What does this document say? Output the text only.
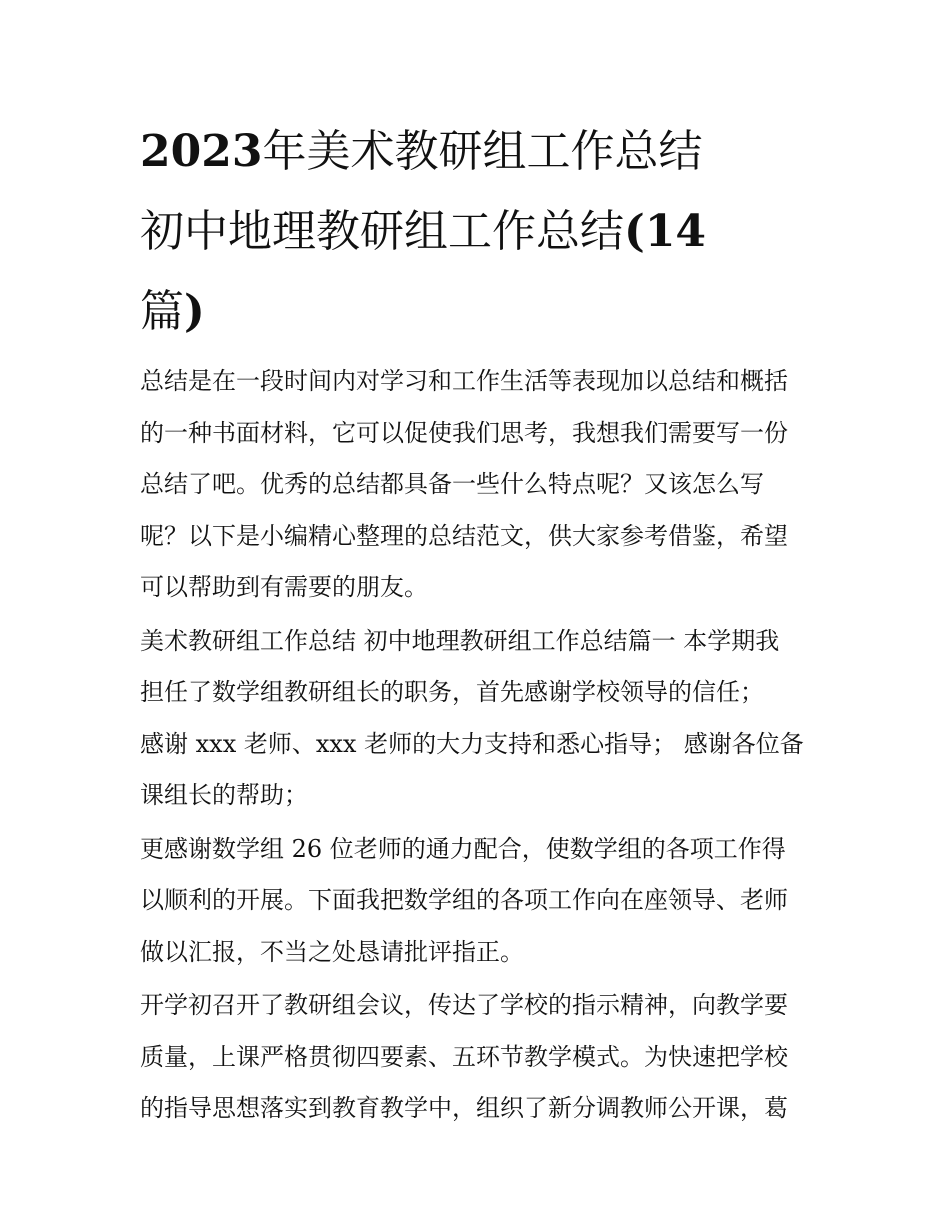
2023年美术教研组工作总结
初中地理教研组工作总结(14
篇)

总结是在一段时间内对学习和工作生活等表现加以总结和概括
的一种书面材料，它可以促使我们思考，我想我们需要写一份
总结了吧。优秀的总结都具备一些什么特点呢？又该怎么写
呢？以下是小编精心整理的总结范文，供大家参考借鉴，希望
可以帮助到有需要的朋友。

美术教研组工作总结 初中地理教研组工作总结篇一 本学期我
担任了数学组教研组长的职务，首先感谢学校领导的信任；
感谢 xxx 老师、xxx 老师的大力支持和悉心指导； 感谢各位备
课组长的帮助；

更感谢数学组 26 位老师的通力配合，使数学组的各项工作得
以顺利的开展。下面我把数学组的各项工作向在座领导、老师
做以汇报，不当之处恳请批评指正。

开学初召开了教研组会议，传达了学校的指示精神，向教学要
质量，上课严格贯彻四要素、五环节教学模式。为快速把学校
的指导思想落实到教育教学中，组织了新分调教师公开课，葛
